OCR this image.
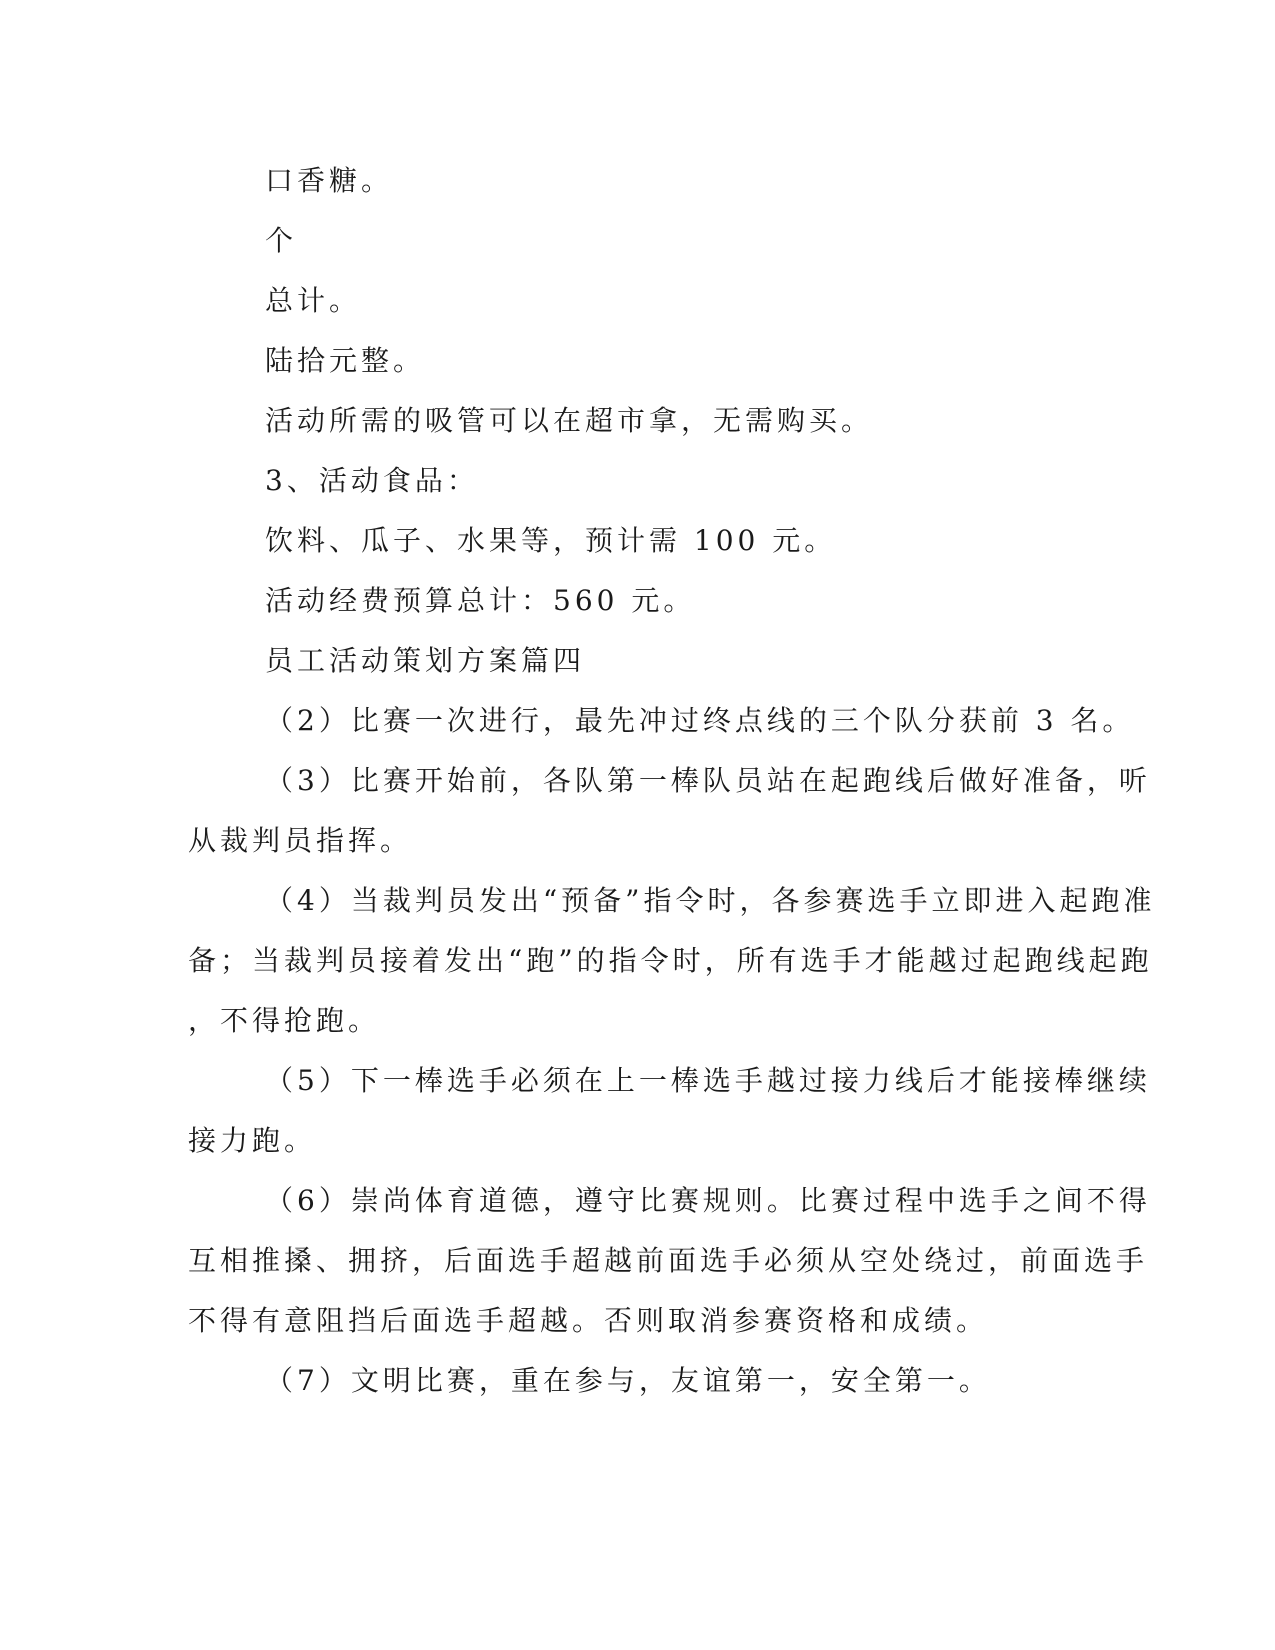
口香糖。
个
总计。
陆拾元整。
活动所需的吸管可以在超市拿，无需购买。
3、活动食品：
饮料、瓜子、水果等，预计需 100 元。
活动经费预算总计：560 元。
员工活动策划方案篇四
（2）比赛一次进行，最先冲过终点线的三个队分获前 3 名。
（3）比赛开始前，各队第一棒队员站在起跑线后做好准备，听
从裁判员指挥。
（4）当裁判员发出“预备”指令时，各参赛选手立即进入起跑准
备；当裁判员接着发出“跑”的指令时，所有选手才能越过起跑线起跑
，不得抢跑。
（5）下一棒选手必须在上一棒选手越过接力线后才能接棒继续
接力跑。
（6）崇尚体育道德，遵守比赛规则。比赛过程中选手之间不得
互相推搡、拥挤，后面选手超越前面选手必须从空处绕过，前面选手
不得有意阻挡后面选手超越。否则取消参赛资格和成绩。
（7）文明比赛，重在参与，友谊第一，安全第一。
